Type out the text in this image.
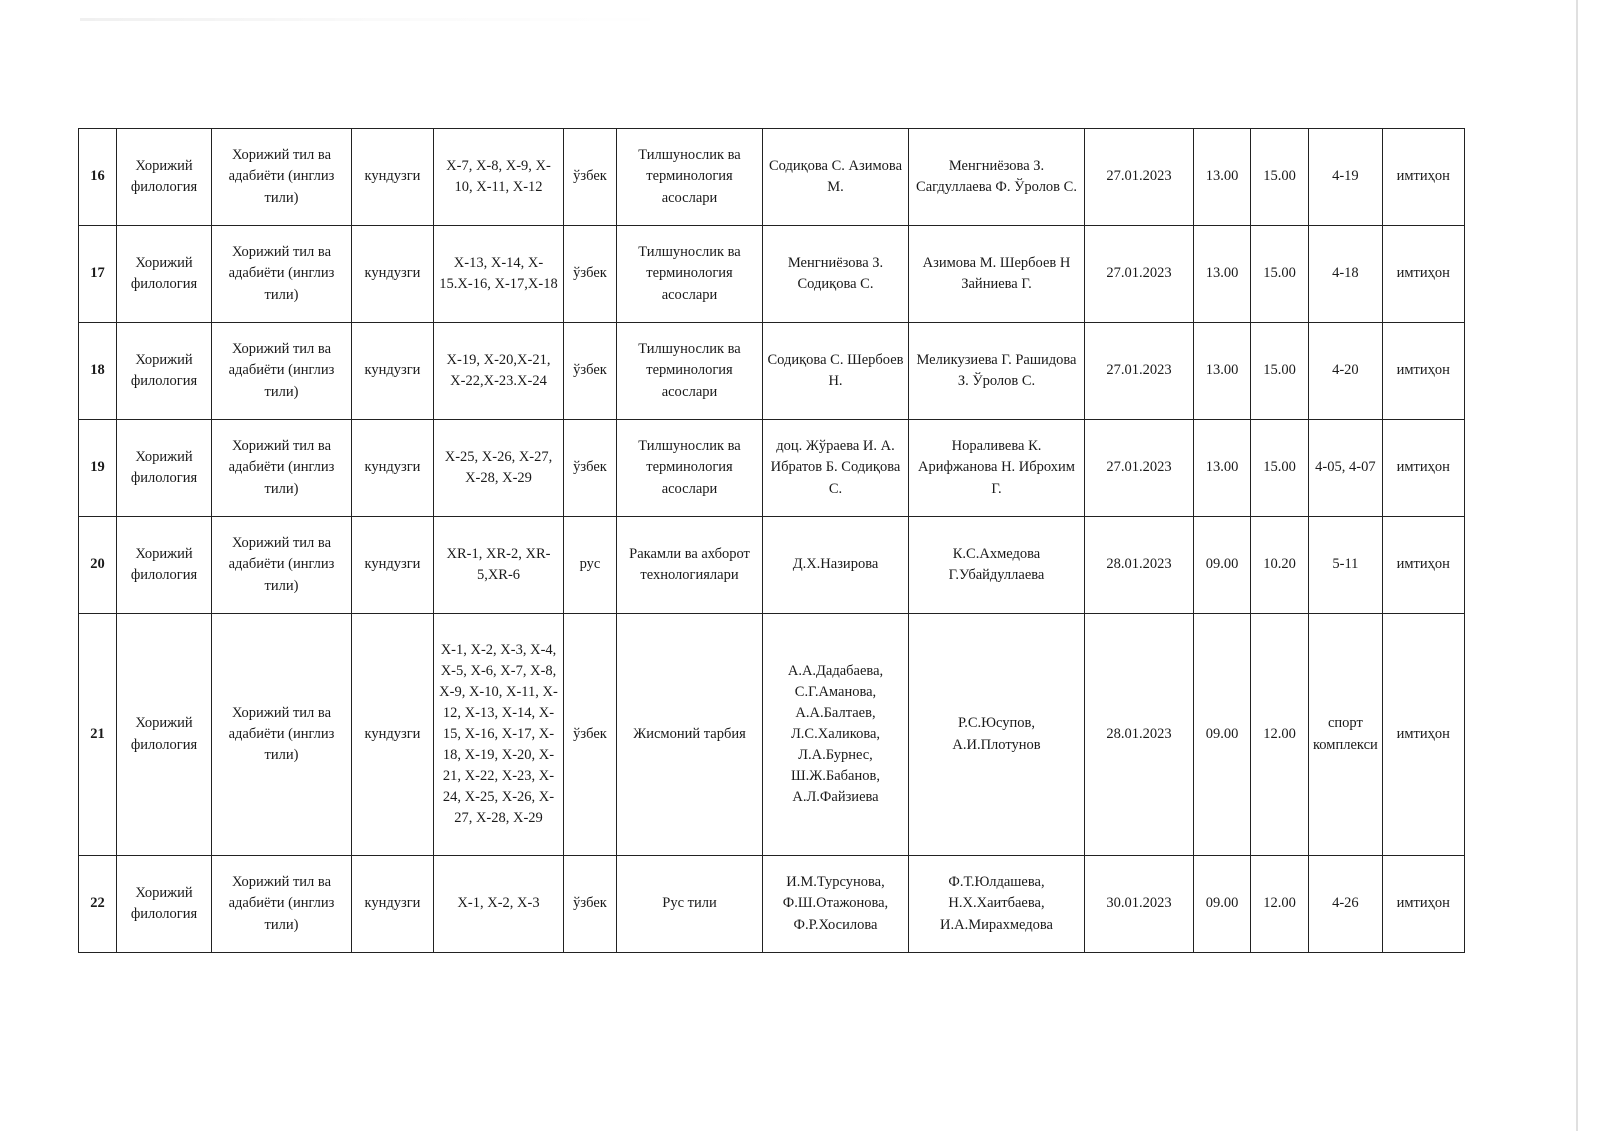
16	Хорижий филология	Хорижий тил ва адабиёти (инглиз тили)	кундузги	X-7, X-8, X-9, X-10, X-11, X-12	ўзбек	Тилшунослик ва терминология асослари	Содиқова С. Азимова М.	Менгниёзова З. Сагдуллаева Ф. Ўролов С.	27.01.2023	13.00	15.00	4-19	имтиҳон
17	Хорижий филология	Хорижий тил ва адабиёти (инглиз тили)	кундузги	X-13, X-14, X-15.X-16, X-17,X-18	ўзбек	Тилшунослик ва терминология асослари	Менгниёзова З. Содиқова С.	Азимова М. Шербоев Н Зайниева Г.	27.01.2023	13.00	15.00	4-18	имтиҳон
18	Хорижий филология	Хорижий тил ва адабиёти (инглиз тили)	кундузги	X-19, X-20,X-21, X-22,X-23.X-24	ўзбек	Тилшунослик ва терминология асослари	Содиқова С. Шербоев Н.	Меликузиева Г. Рашидова З. Ўролов С.	27.01.2023	13.00	15.00	4-20	имтиҳон
19	Хорижий филология	Хорижий тил ва адабиёти (инглиз тили)	кундузги	X-25, X-26, X-27, X-28, X-29	ўзбек	Тилшунослик ва терминология асослари	доц. Жўраева И. А. Ибратов Б. Содиқова С.	Нораливева К. Арифжанова Н. Иброхим Г.	27.01.2023	13.00	15.00	4-05, 4-07	имтиҳон
20	Хорижий филология	Хорижий тил ва адабиёти (инглиз тили)	кундузги	XR-1, XR-2, XR-5,XR-6	рус	Ракамли ва ахборот технологиялари	Д.Х.Назирова	К.С.Ахмедова Г.Убайдуллаева	28.01.2023	09.00	10.20	5-11	имтиҳон
21	Хорижий филология	Хорижий тил ва адабиёти (инглиз тили)	кундузги	X-1, X-2, X-3, X-4, X-5, X-6, X-7, X-8, X-9, X-10, X-11, X-12, X-13, X-14, X-15, X-16, X-17, X-18, X-19, X-20, X-21, X-22, X-23, X-24, X-25, X-26, X-27, X-28, X-29	ўзбек	Жисмоний тарбия	А.А.Дадабаева, С.Г.Аманова, А.А.Балтаев, Л.С.Халикова, Л.А.Бурнес, Ш.Ж.Бабанов, А.Л.Файзиева	Р.С.Юсупов, А.И.Плотунов	28.01.2023	09.00	12.00	спорт комплекси	имтиҳон
22	Хорижий филология	Хорижий тил ва адабиёти (инглиз тили)	кундузги	X-1, X-2, X-3	ўзбек	Рус тили	И.М.Турсунова, Ф.Ш.Отажонова, Ф.Р.Хосилова	Ф.Т.Юлдашева, Н.Х.Хаитбаева, И.А.Мирахмедова	30.01.2023	09.00	12.00	4-26	имтиҳон
